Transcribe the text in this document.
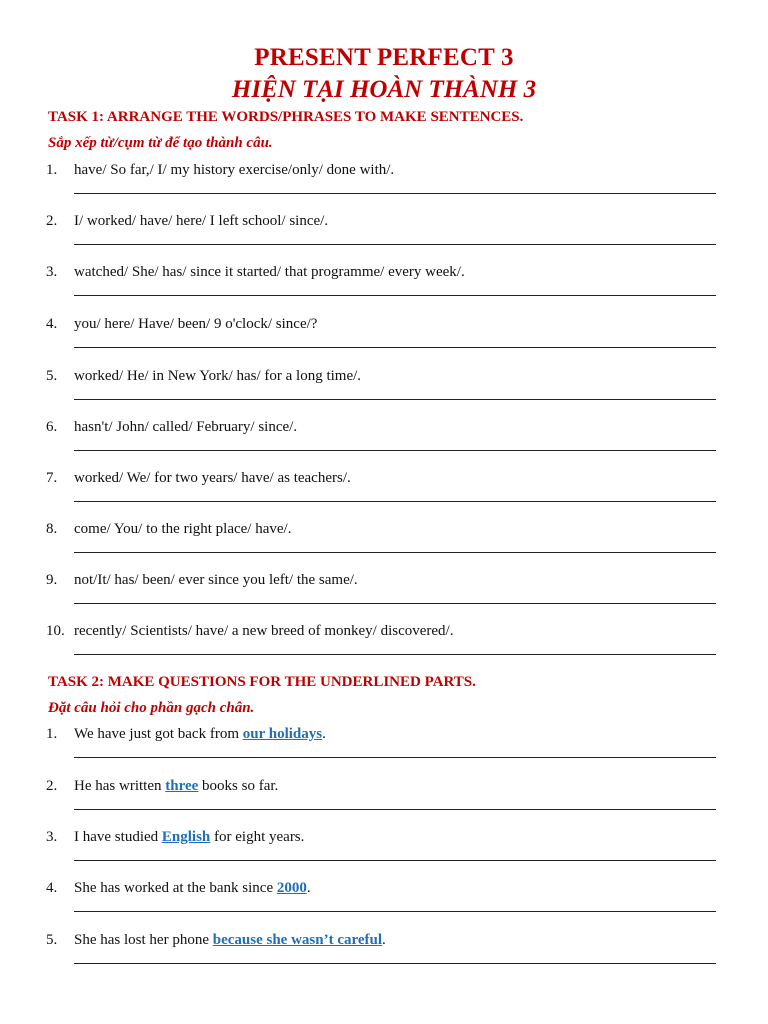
PRESENT PERFECT 3
HIỆN TẠI HOÀN THÀNH 3
TASK 1: ARRANGE THE WORDS/PHRASES TO MAKE SENTENCES.
Sắp xếp từ/cụm từ để tạo thành câu.
1. have/ So far,/ I/ my history exercise/only/ done with/.
2. I/ worked/ have/ here/ I left school/ since/.
3. watched/ She/ has/ since it started/ that programme/ every week/.
4. you/ here/ Have/ been/ 9 o'clock/ since/?
5. worked/ He/ in New York/ has/ for a long time/.
6. hasn't/ John/ called/ February/ since/.
7. worked/ We/ for two years/ have/ as teachers/.
8. come/ You/ to the right place/ have/.
9. not/It/ has/ been/ ever since you left/ the same/.
10. recently/ Scientists/ have/ a new breed of monkey/ discovered/.
TASK 2: MAKE QUESTIONS FOR THE UNDERLINED PARTS.
Đặt câu hỏi cho phần gạch chân.
1. We have just got back from our holidays.
2. He has written three books so far.
3. I have studied English for eight years.
4. She has worked at the bank since 2000.
5. She has lost her phone because she wasn’t careful.
